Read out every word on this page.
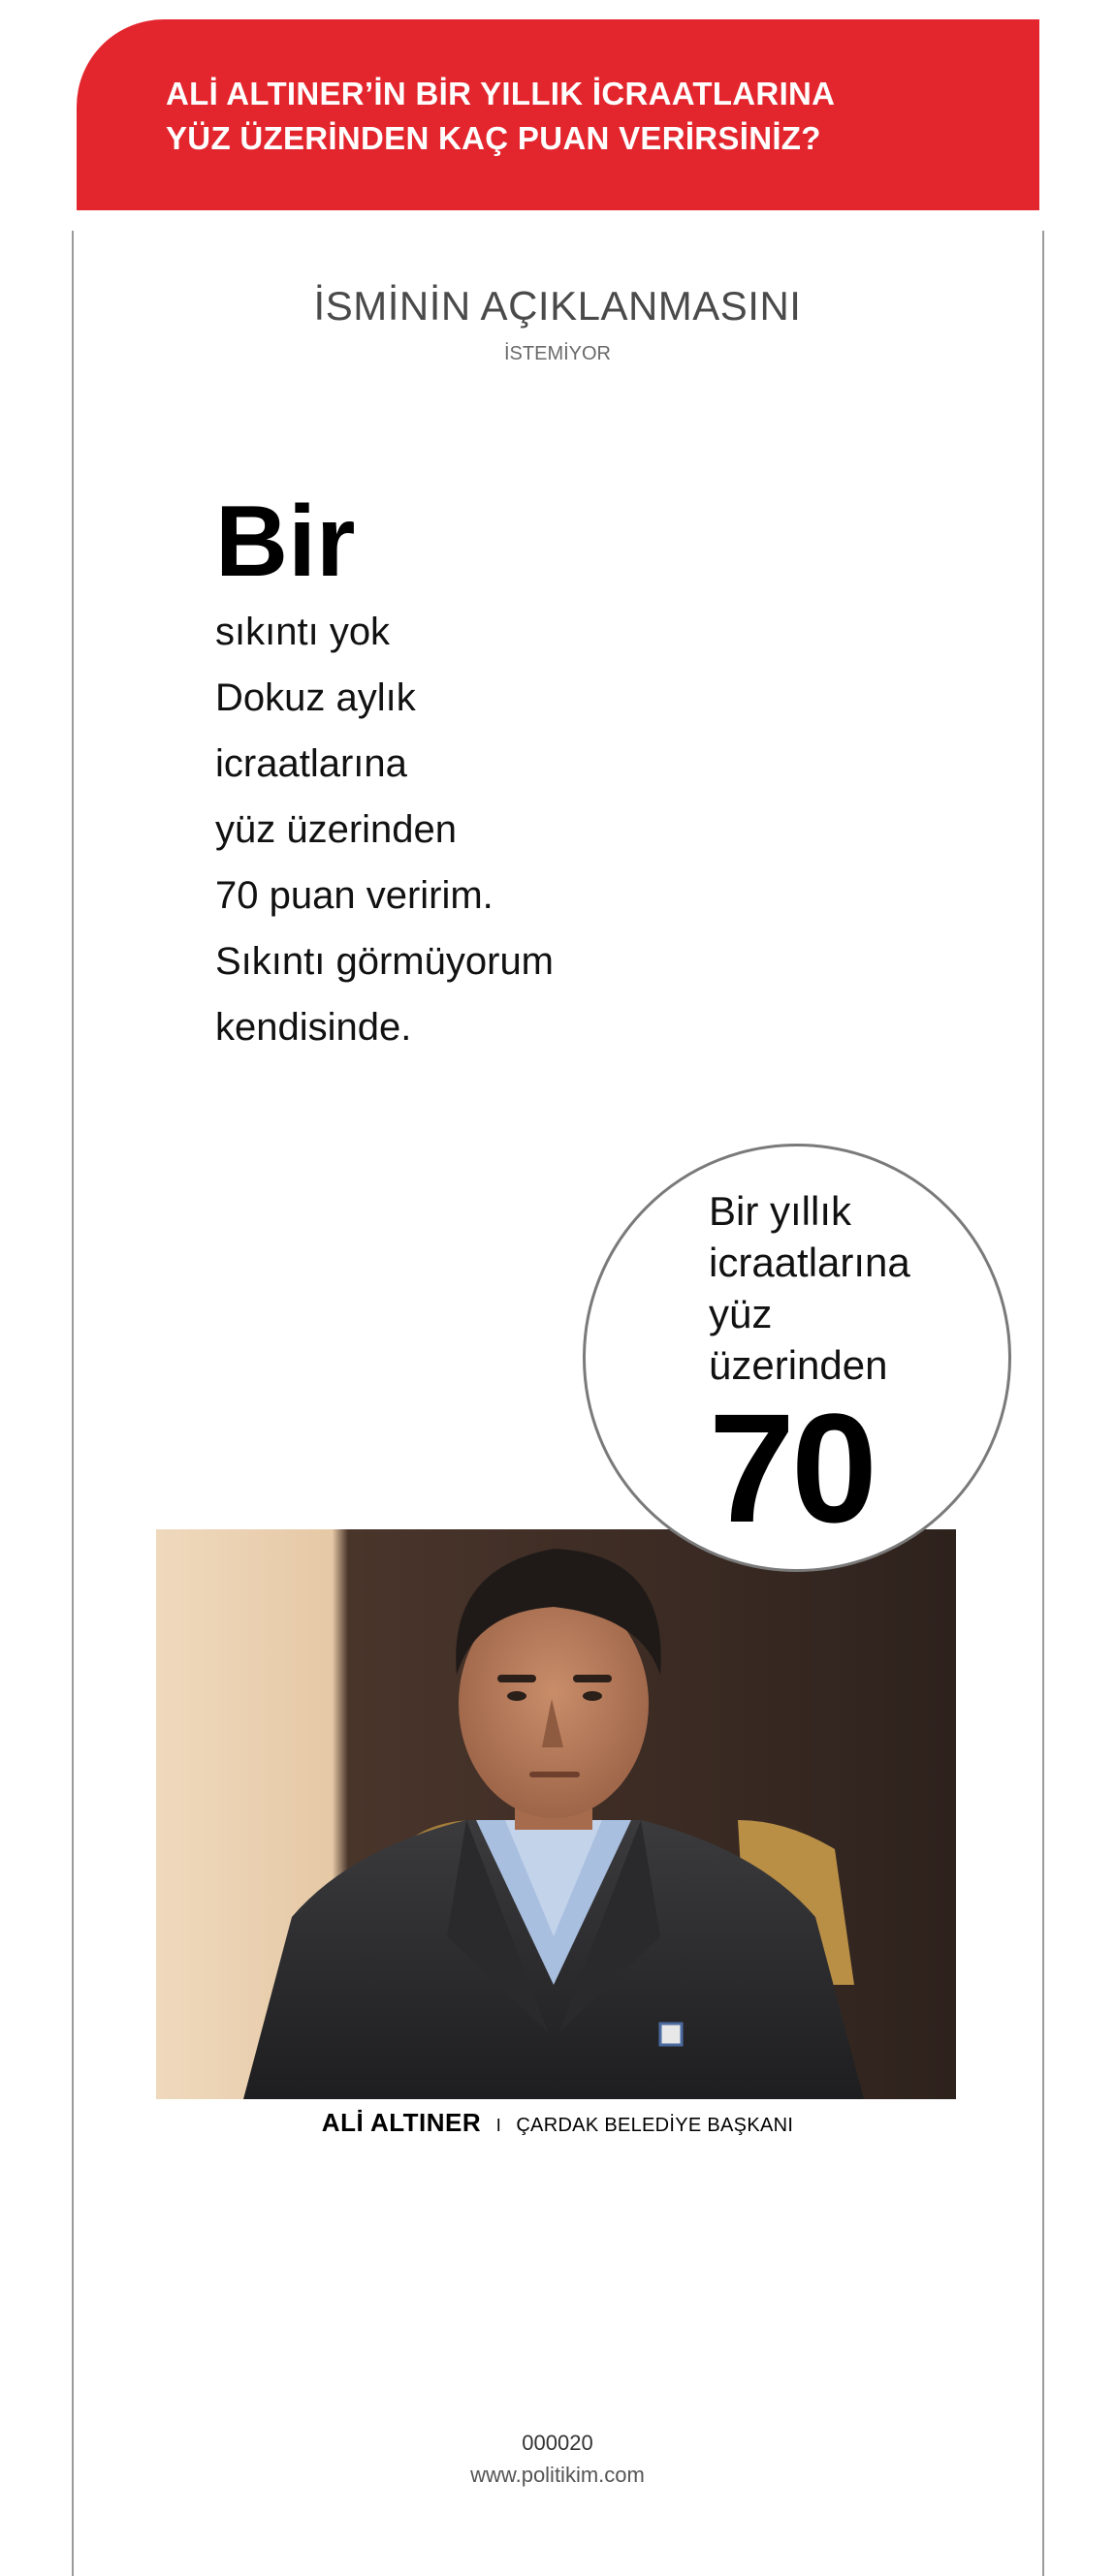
ALİ ALTINER’İN BİR YILLIK İCRAATLARINA
YÜZ ÜZERİNDEN KAÇ PUAN VERİRSİNİZ?
İSMİNİN AÇIKLANMASINI
İSTEMİYOR

Bir

sıkıntı yok

Dokuz aylık

icraatlarına

yüz üzerinden

70 puan veririm.

Sıkıntı görmüyorum

kendisinde.

Bir yıllık

icraatlarına

yüz

üzerinden

70

ALİ ALTINER I ÇARDAK BELEDİYE BAŞKANI
000020
www.politikim.com
